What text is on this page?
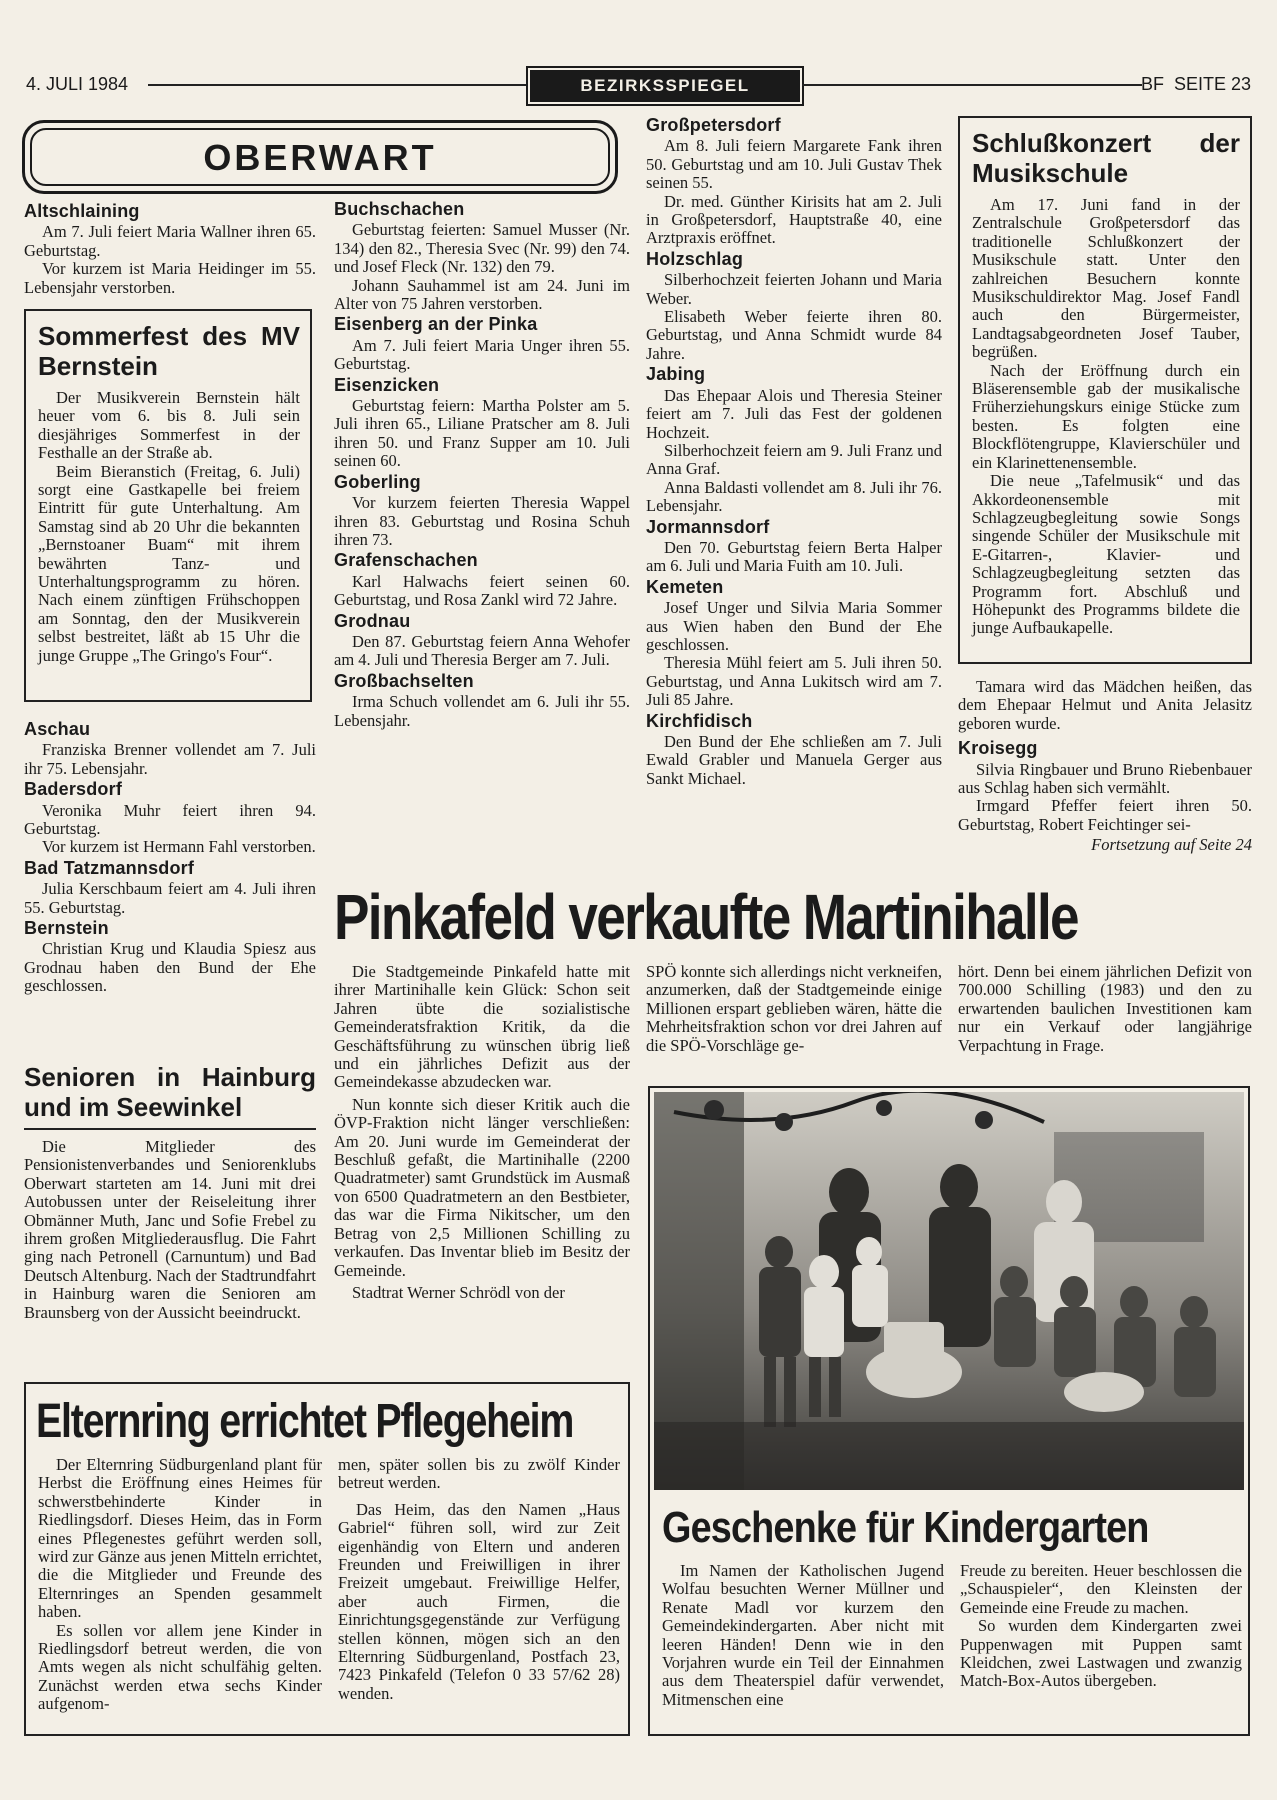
4. JULI 1984	BEZIRKSSPIEGEL	BF  SEITE 23
OBERWART
Altschlaining

Am 7. Juli feiert Maria Wallner ihren 65. Geburtstag.

Vor kurzem ist Maria Heidinger im 55. Lebensjahr verstorben.

Sommerfest des MV Bernstein

Der Musikverein Bernstein hält heuer vom 6. bis 8. Juli sein diesjähriges Sommerfest in der Festhalle an der Straße ab.

Beim Bieranstich (Freitag, 6. Juli) sorgt eine Gastkapelle bei freiem Eintritt für gute Unterhaltung. Am Samstag sind ab 20 Uhr die bekannten „Bernstoaner Buam“ mit ihrem bewährten Tanz- und Unterhaltungsprogramm zu hören. Nach einem zünftigen Frühschoppen am Sonntag, den der Musikverein selbst bestreitet, läßt ab 15 Uhr die junge Gruppe „The Gringo's Four“.

Aschau

Franziska Brenner vollendet am 7. Juli ihr 75. Lebensjahr.

Badersdorf

Veronika Muhr feiert ihren 94. Geburtstag.

Vor kurzem ist Hermann Fahl verstorben.

Bad Tatzmannsdorf

Julia Kerschbaum feiert am 4. Juli ihren 55. Geburtstag.

Bernstein

Christian Krug und Klaudia Spiesz aus Grodnau haben den Bund der Ehe geschlossen.

Senioren in Hainburg und im Seewinkel

Die Mitglieder des Pensionistenverbandes und Seniorenklubs Oberwart starteten am 14. Juni mit drei Autobussen unter der Reiseleitung ihrer Obmänner Muth, Janc und Sofie Frebel zu ihrem großen Mitgliederausflug. Die Fahrt ging nach Petronell (Carnuntum) und Bad Deutsch Altenburg. Nach der Stadtrundfahrt in Hainburg waren die Senioren am Braunsberg von der Aussicht beeindruckt.

Buchschachen

Geburtstag feierten: Samuel Musser (Nr. 134) den 82., Theresia Svec (Nr. 99) den 74. und Josef Fleck (Nr. 132) den 79.

Johann Sauhammel ist am 24. Juni im Alter von 75 Jahren verstorben.

Eisenberg an der Pinka

Am 7. Juli feiert Maria Unger ihren 55. Geburtstag.

Eisenzicken

Geburtstag feiern: Martha Polster am 5. Juli ihren 65., Liliane Pratscher am 8. Juli ihren 50. und Franz Supper am 10. Juli seinen 60.

Goberling

Vor kurzem feierten Theresia Wappel ihren 83. Geburtstag und Rosina Schuh ihren 73.

Grafenschachen

Karl Halwachs feiert seinen 60. Geburtstag, und Rosa Zankl wird 72 Jahre.

Grodnau

Den 87. Geburtstag feiern Anna Wehofer am 4. Juli und Theresia Berger am 7. Juli.

Großbachselten

Irma Schuch vollendet am 6. Juli ihr 55. Lebensjahr.

Großpetersdorf

Am 8. Juli feiern Margarete Fank ihren 50. Geburtstag und am 10. Juli Gustav Thek seinen 55.

Dr. med. Günther Kirisits hat am 2. Juli in Großpetersdorf, Hauptstraße 40, eine Arztpraxis eröffnet.

Holzschlag

Silberhochzeit feierten Johann und Maria Weber.

Elisabeth Weber feierte ihren 80. Geburtstag, und Anna Schmidt wurde 84 Jahre.

Jabing

Das Ehepaar Alois und Theresia Steiner feiert am 7. Juli das Fest der goldenen Hochzeit.

Silberhochzeit feiern am 9. Juli Franz und Anna Graf.

Anna Baldasti vollendet am 8. Juli ihr 76. Lebensjahr.

Jormannsdorf

Den 70. Geburtstag feiern Berta Halper am 6. Juli und Maria Fuith am 10. Juli.

Kemeten

Josef Unger und Silvia Maria Sommer aus Wien haben den Bund der Ehe geschlossen.

Theresia Mühl feiert am 5. Juli ihren 50. Geburtstag, und Anna Lukitsch wird am 7. Juli 85 Jahre.

Kirchfidisch

Den Bund der Ehe schließen am 7. Juli Ewald Grabler und Manuela Gerger aus Sankt Michael.

Schlußkonzert der Musikschule

Am 17. Juni fand in der Zentralschule Großpetersdorf das traditionelle Schlußkonzert der Musikschule statt. Unter den zahlreichen Besuchern konnte Musikschuldirektor Mag. Josef Fandl auch den Bürgermeister, Landtagsabgeordneten Josef Tauber, begrüßen.

Nach der Eröffnung durch ein Bläserensemble gab der musikalische Früherziehungskurs einige Stücke zum besten. Es folgten eine Blockflötengruppe, Klavierschüler und ein Klarinettenensemble.

Die neue „Tafelmusik“ und das Akkordeonensemble mit Schlagzeugbegleitung sowie Songs singende Schüler der Musikschule mit E-Gitarren-, Klavier- und Schlagzeugbegleitung setzten das Programm fort. Abschluß und Höhepunkt des Programms bildete die junge Aufbaukapelle.

Tamara wird das Mädchen heißen, das dem Ehepaar Helmut und Anita Jelasitz geboren wurde.

Kroisegg

Silvia Ringbauer und Bruno Riebenbauer aus Schlag haben sich vermählt.

Irmgard Pfeffer feiert ihren 50. Geburtstag, Robert Feichtinger sei-

Fortsetzung auf Seite 24
Pinkafeld verkaufte Martinihalle

Die Stadtgemeinde Pinkafeld hatte mit ihrer Martinihalle kein Glück: Schon seit Jahren übte die sozialistische Gemeinderatsfraktion Kritik, da die Geschäftsführung zu wünschen übrig ließ und ein jährliches Defizit aus der Gemeindekasse abzudecken war.

Nun konnte sich dieser Kritik auch die ÖVP-Fraktion nicht länger verschließen: Am 20. Juni wurde im Gemeinderat der Beschluß gefaßt, die Martinihalle (2200 Quadratmeter) samt Grundstück im Ausmaß von 6500 Quadratmetern an den Bestbieter, das war die Firma Nikitscher, um den Betrag von 2,5 Millionen Schilling zu verkaufen. Das Inventar blieb im Besitz der Gemeinde.

Stadtrat Werner Schrödl von der

SPÖ konnte sich allerdings nicht verkneifen, anzumerken, daß der Stadtgemeinde einige Millionen erspart geblieben wären, hätte die Mehrheitsfraktion schon vor drei Jahren auf die SPÖ-Vorschläge ge-

hört. Denn bei einem jährlichen Defizit von 700.000 Schilling (1983) und den zu erwartenden baulichen Investitionen kam nur ein Verkauf oder langjährige Verpachtung in Frage.

Geschenke für Kindergarten

Im Namen der Katholischen Jugend Wolfau besuchten Werner Müllner und Renate Madl vor kurzem den Gemeindekindergarten. Aber nicht mit leeren Händen! Denn wie in den Vorjahren wurde ein Teil der Einnahmen aus dem Theaterspiel dafür verwendet, Mitmenschen eine

Freude zu bereiten. Heuer beschlossen die „Schauspieler“, den Kleinsten der Gemeinde eine Freude zu machen.

So wurden dem Kindergarten zwei Puppenwagen mit Puppen samt Kleidchen, zwei Lastwagen und zwanzig Match-Box-Autos übergeben.

Elternring errichtet Pflegeheim

Der Elternring Südburgenland plant für Herbst die Eröffnung eines Heimes für schwerstbehinderte Kinder in Riedlingsdorf. Dieses Heim, das in Form eines Pflegenestes geführt werden soll, wird zur Gänze aus jenen Mitteln errichtet, die die Mitglieder und Freunde des Elternringes an Spenden gesammelt haben.

Es sollen vor allem jene Kinder in Riedlingsdorf betreut werden, die von Amts wegen als nicht schulfähig gelten. Zunächst werden etwa sechs Kinder aufgenom-

men, später sollen bis zu zwölf Kinder betreut werden.

Das Heim, das den Namen „Haus Gabriel“ führen soll, wird zur Zeit eigenhändig von Eltern und anderen Freunden und Freiwilligen in ihrer Freizeit umgebaut. Freiwillige Helfer, aber auch Firmen, die Einrichtungsgegenstände zur Verfügung stellen können, mögen sich an den Elternring Südburgenland, Postfach 23, 7423 Pinkafeld (Telefon 0 33 57/62 28) wenden.
